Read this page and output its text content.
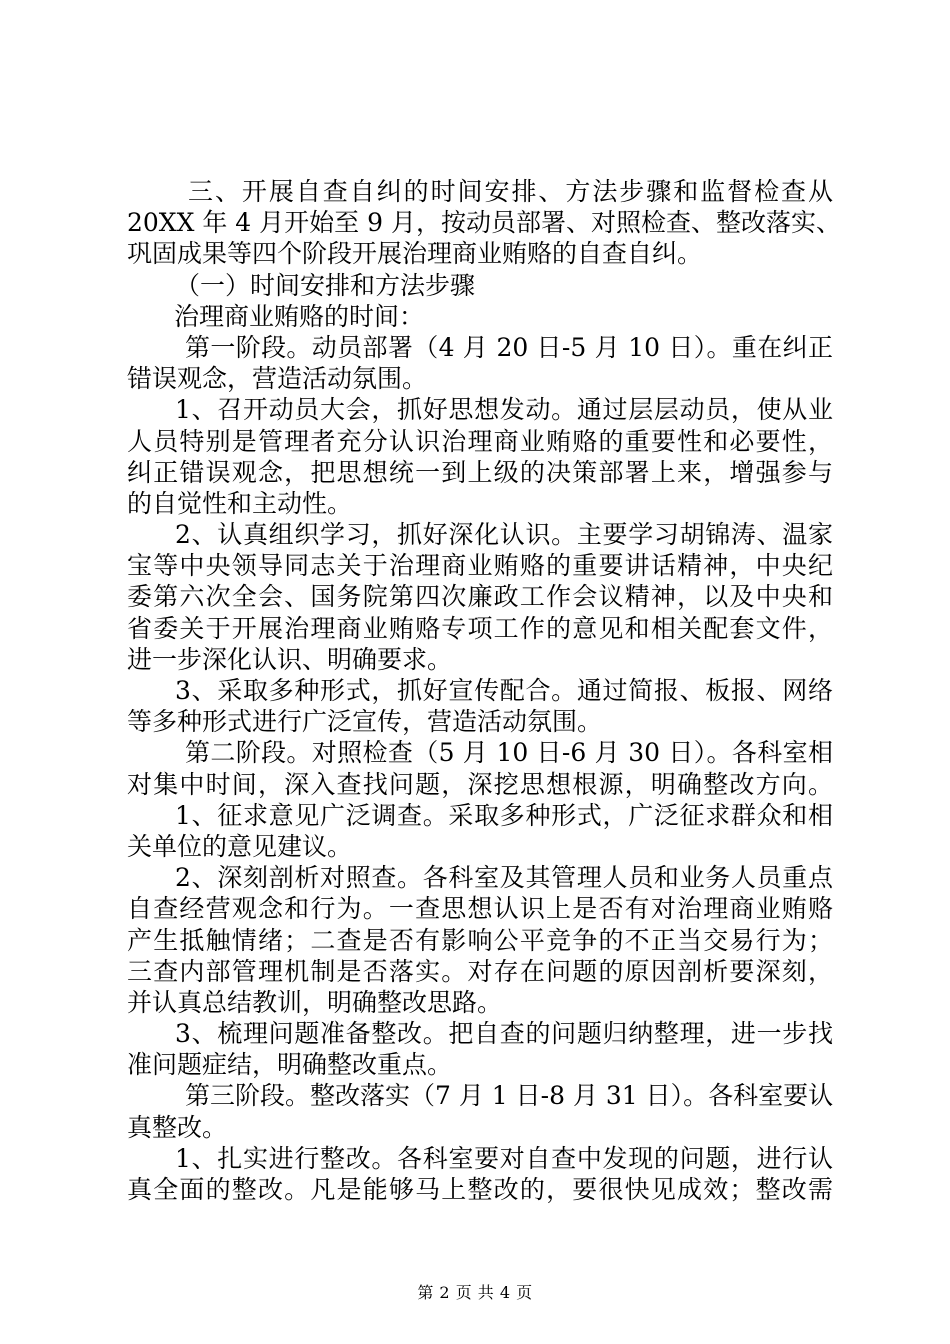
三、开展自查自纠的时间安排、方法步骤和监督检查从
20XX 年 4 月开始至 9 月，按动员部署、对照检查、整改落实、
巩固成果等四个阶段开展治理商业贿赂的自查自纠。
（一）时间安排和方法步骤
治理商业贿赂的时间：
第一阶段。动员部署（4 月 20 日-5 月 10 日）。重在纠正
错误观念，营造活动氛围。
1、召开动员大会，抓好思想发动。通过层层动员，使从业
人员特别是管理者充分认识治理商业贿赂的重要性和必要性，
纠正错误观念，把思想统一到上级的决策部署上来，增强参与
的自觉性和主动性。
2、认真组织学习，抓好深化认识。主要学习胡锦涛、温家
宝等中央领导同志关于治理商业贿赂的重要讲话精神，中央纪
委第六次全会、国务院第四次廉政工作会议精神，以及中央和
省委关于开展治理商业贿赂专项工作的意见和相关配套文件，
进一步深化认识、明确要求。
3、采取多种形式，抓好宣传配合。通过简报、板报、网络
等多种形式进行广泛宣传，营造活动氛围。
第二阶段。对照检查（5 月 10 日-6 月 30 日）。各科室相
对集中时间，深入查找问题，深挖思想根源，明确整改方向。
1、征求意见广泛调查。采取多种形式，广泛征求群众和相
关单位的意见建议。
2、深刻剖析对照查。各科室及其管理人员和业务人员重点
自查经营观念和行为。一查思想认识上是否有对治理商业贿赂
产生抵触情绪；二查是否有影响公平竞争的不正当交易行为；
三查内部管理机制是否落实。对存在问题的原因剖析要深刻，
并认真总结教训，明确整改思路。
3、梳理问题准备整改。把自查的问题归纳整理，进一步找
准问题症结，明确整改重点。
第三阶段。整改落实（7 月 1 日-8 月 31 日）。各科室要认
真整改。
1、扎实进行整改。各科室要对自查中发现的问题，进行认
真全面的整改。凡是能够马上整改的，要很快见成效；整改需
第 2 页 共 4 页
